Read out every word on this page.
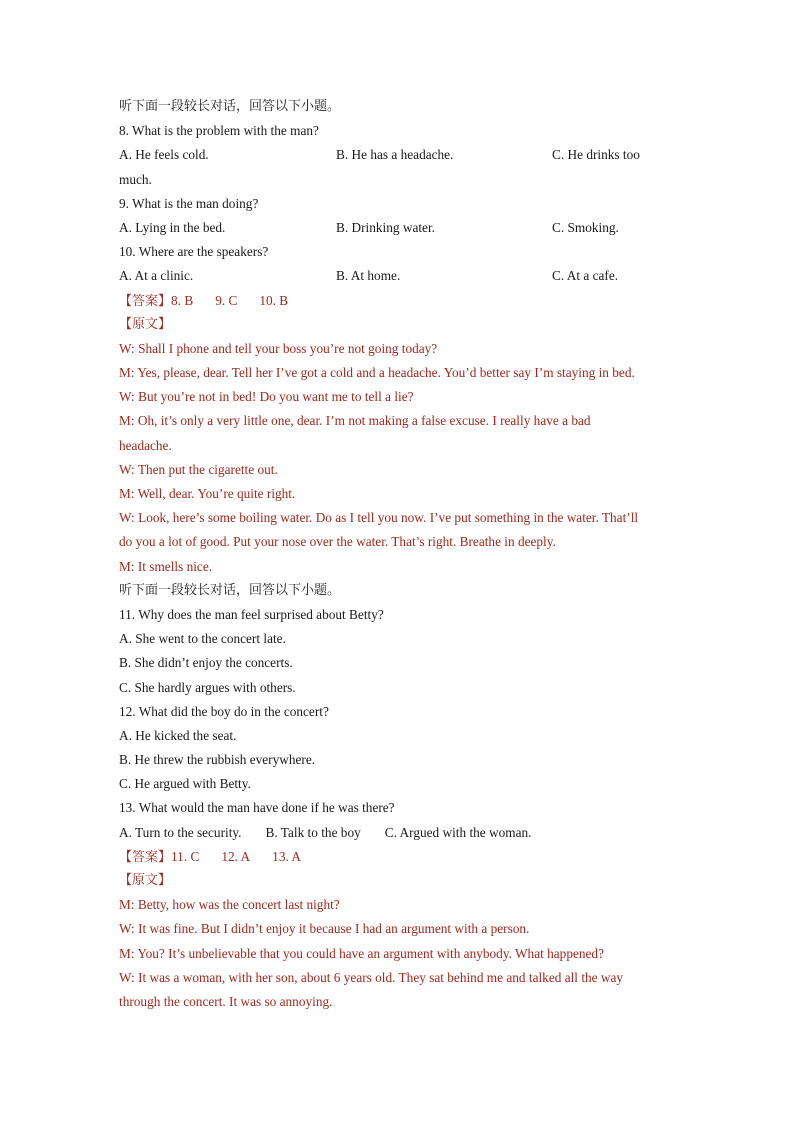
听下面一段较长对话，回答以下小题。
8. What is the problem with the man?
A. He feels cold.	B. He has a headache.	C. He drinks too
much.
9. What is the man doing?
A. Lying in the bed.	B. Drinking water.	C. Smoking.
10. Where are the speakers?
A. At a clinic.	B. At home.	C. At a cafe.
【答案】8. B 9. C 10. B
【原文】
W: Shall I phone and tell your boss you’re not going today?
M: Yes, please, dear. Tell her I’ve got a cold and a headache. You’d better say I’m staying in bed.
W: But you’re not in bed! Do you want me to tell a lie?
M: Oh, it’s only a very little one, dear. I’m not making a false excuse. I really have a bad
headache.
W: Then put the cigarette out.
M: Well, dear. You’re quite right.
W: Look, here’s some boiling water. Do as I tell you now. I’ve put something in the water. That’ll
do you a lot of good. Put your nose over the water. That’s right. Breathe in deeply.
M: It smells nice.
听下面一段较长对话，回答以下小题。
11. Why does the man feel surprised about Betty?
A. She went to the concert late.
B. She didn’t enjoy the concerts.
C. She hardly argues with others.
12. What did the boy do in the concert?
A. He kicked the seat.
B. He threw the rubbish everywhere.
C. He argued with Betty.
13. What would the man have done if he was there?
A. Turn to the security. B. Talk to the boy C. Argued with the woman.
【答案】11. C 12. A 13. A
【原文】
M: Betty, how was the concert last night?
W: It was fine. But I didn’t enjoy it because I had an argument with a person.
M: You? It’s unbelievable that you could have an argument with anybody. What happened?
W: It was a woman, with her son, about 6 years old. They sat behind me and talked all the way
through the concert. It was so annoying.
